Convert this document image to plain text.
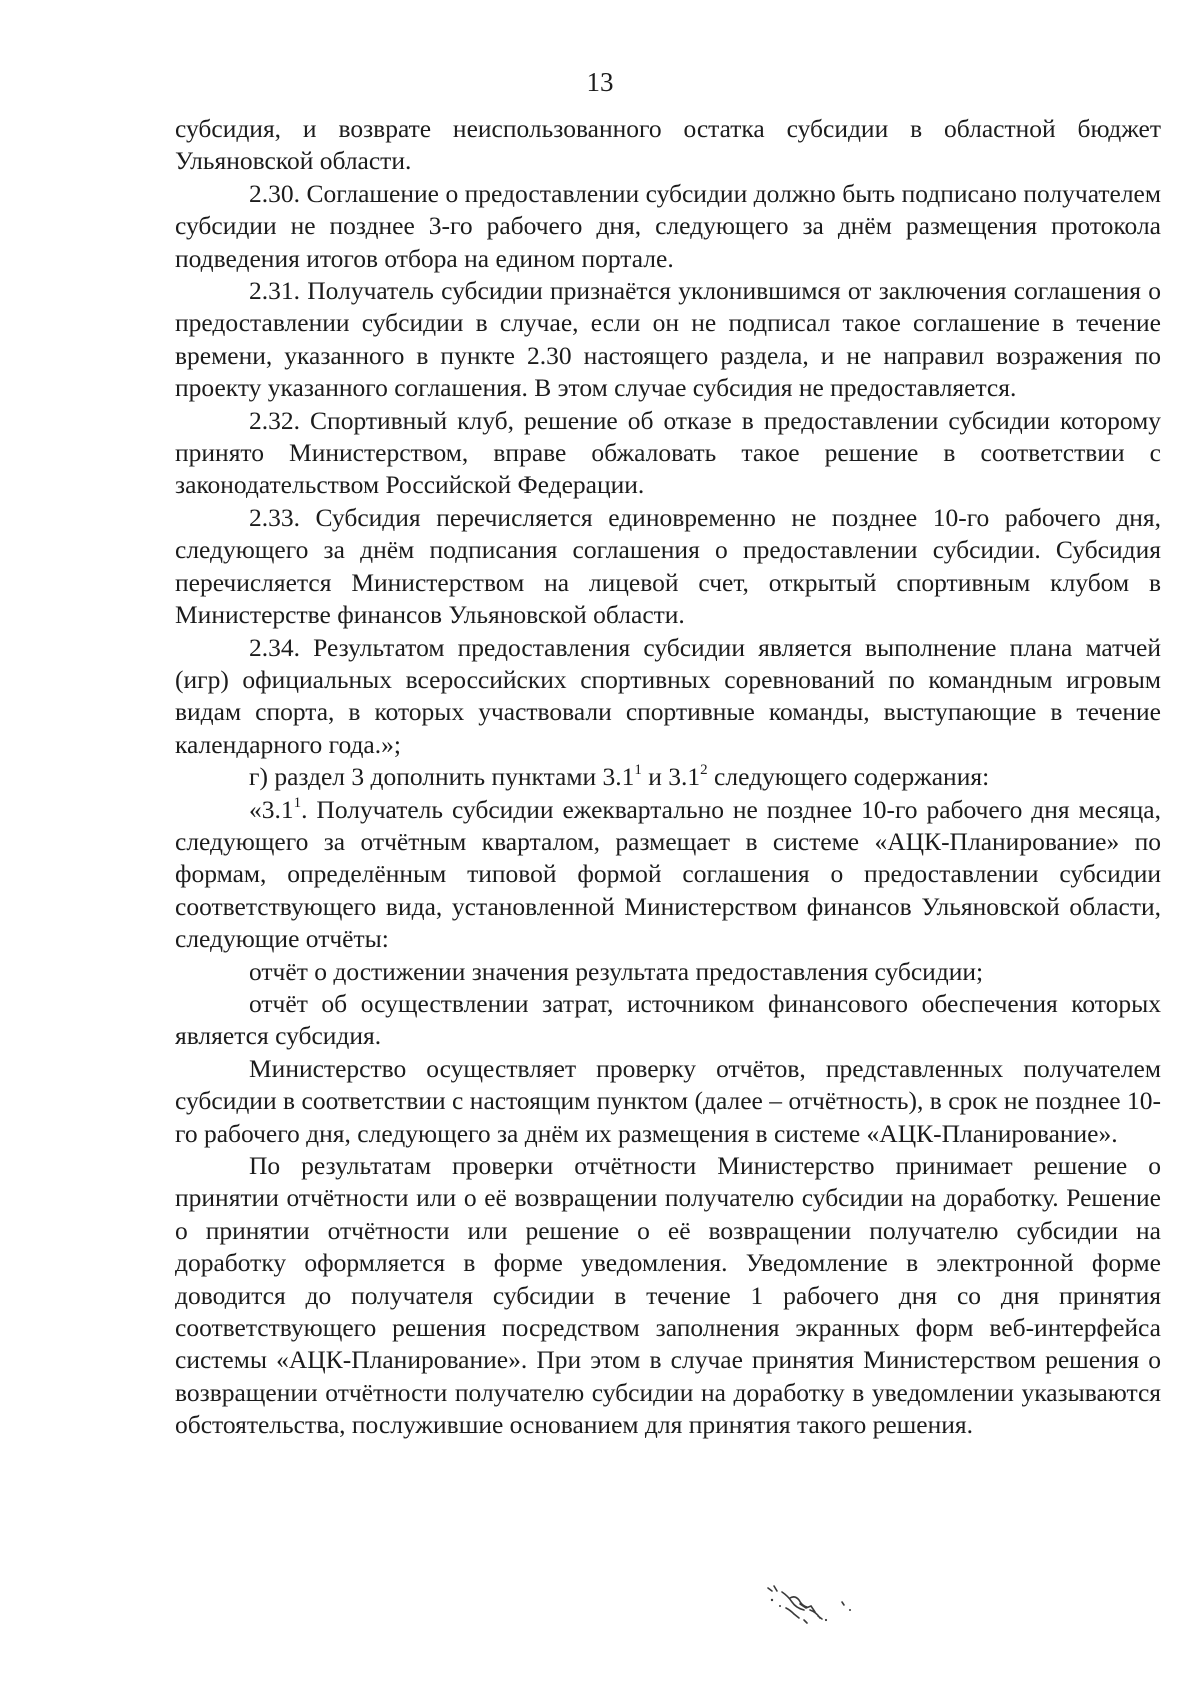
13

субсидия, и возврате неиспользованного остатка субсидии в областной бюджет Ульяновской области.

2.30. Соглашение о предоставлении субсидии должно быть подписано получателем субсидии не позднее 3-го рабочего дня, следующего за днём размещения протокола подведения итогов отбора на едином портале.

2.31. Получатель субсидии признаётся уклонившимся от заключения соглашения о предоставлении субсидии в случае, если он не подписал такое соглашение в течение времени, указанного в пункте 2.30 настоящего раздела, и не направил возражения по проекту указанного соглашения. В этом случае субсидия не предоставляется.

2.32. Спортивный клуб, решение об отказе в предоставлении субсидии которому принято Министерством, вправе обжаловать такое решение в соответствии с законодательством Российской Федерации.

2.33. Субсидия перечисляется единовременно не позднее 10-го рабочего дня, следующего за днём подписания соглашения о предоставлении субсидии. Субсидия перечисляется Министерством на лицевой счет, открытый спортивным клубом в Министерстве финансов Ульяновской области.

2.34. Результатом предоставления субсидии является выполнение плана матчей (игр) официальных всероссийских спортивных соревнований по командным игровым видам спорта, в которых участвовали спортивные команды, выступающие в течение календарного года.»;

г) раздел 3 дополнить пунктами $3.1^1$ и $3.1^2$ следующего содержания:

«$3.1^1$. Получатель субсидии ежеквартально не позднее 10-го рабочего дня месяца, следующего за отчётным кварталом, размещает в системе «АЦК-Планирование» по формам, определённым типовой формой соглашения о предоставлении субсидии соответствующего вида, установленной Министерством финансов Ульяновской области, следующие отчёты:

отчёт о достижении значения результата предоставления субсидии;

отчёт об осуществлении затрат, источником финансового обеспечения которых является субсидия.

Министерство осуществляет проверку отчётов, представленных получателем субсидии в соответствии с настоящим пунктом (далее – отчётность), в срок не позднее 10-го рабочего дня, следующего за днём их размещения в системе «АЦК-Планирование».

По результатам проверки отчётности Министерство принимает решение о принятии отчётности или о её возвращении получателю субсидии на доработку. Решение о принятии отчётности или решение о её возвращении получателю субсидии на доработку оформляется в форме уведомления. Уведомление в электронной форме доводится до получателя субсидии в течение 1 рабочего дня со дня принятия соответствующего решения посредством заполнения экранных форм веб-интерфейса системы «АЦК-Планирование». При этом в случае принятия Министерством решения о возвращении отчётности получателю субсидии на доработку в уведомлении указываются обстоятельства, послужившие основанием для принятия такого решения.
